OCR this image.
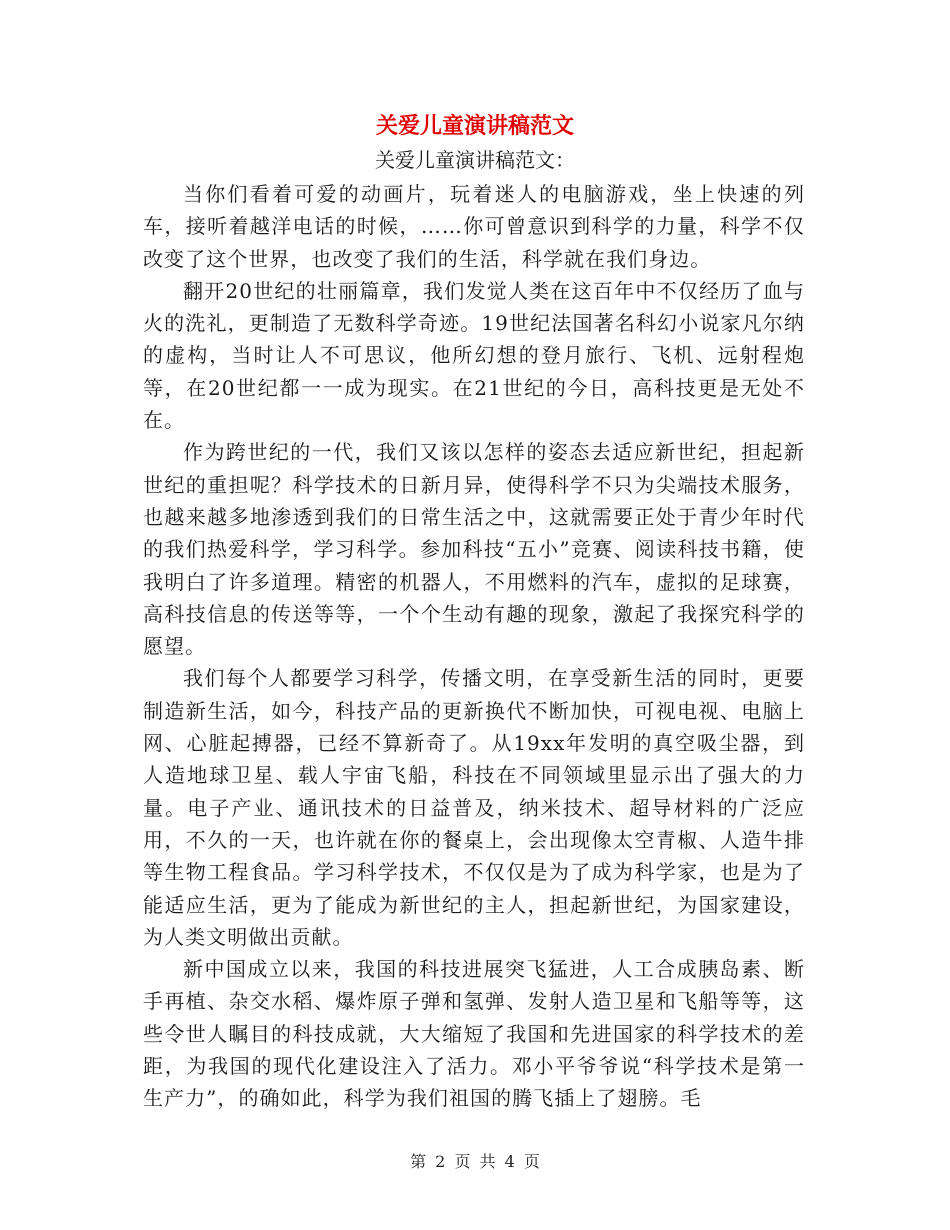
关爱儿童演讲稿范文
关爱儿童演讲稿范文：

当你们看着可爱的动画片，玩着迷人的电脑游戏，坐上快速的列车，接听着越洋电话的时候，……你可曾意识到科学的力量，科学不仅改变了这个世界，也改变了我们的生活，科学就在我们身边。

翻开20世纪的壮丽篇章，我们发觉人类在这百年中不仅经历了血与火的洗礼，更制造了无数科学奇迹。19世纪法国著名科幻小说家凡尔纳的虚构，当时让人不可思议，他所幻想的登月旅行、飞机、远射程炮等，在20世纪都一一成为现实。在21世纪的今日，高科技更是无处不在。

作为跨世纪的一代，我们又该以怎样的姿态去适应新世纪，担起新世纪的重担呢？科学技术的日新月异，使得科学不只为尖端技术服务，也越来越多地渗透到我们的日常生活之中，这就需要正处于青少年时代的我们热爱科学，学习科学。参加科技“五小”竞赛、阅读科技书籍，使我明白了许多道理。精密的机器人，不用燃料的汽车，虚拟的足球赛，高科技信息的传送等等，一个个生动有趣的现象，激起了我探究科学的愿望。

我们每个人都要学习科学，传播文明，在享受新生活的同时，更要制造新生活，如今，科技产品的更新换代不断加快，可视电视、电脑上网、心脏起搏器，已经不算新奇了。从19xx年发明的真空吸尘器，到人造地球卫星、载人宇宙飞船，科技在不同领域里显示出了强大的力量。电子产业、通讯技术的日益普及，纳米技术、超导材料的广泛应用，不久的一天，也许就在你的餐桌上，会出现像太空青椒、人造牛排等生物工程食品。学习科学技术，不仅仅是为了成为科学家，也是为了能适应生活，更为了能成为新世纪的主人，担起新世纪，为国家建设，为人类文明做出贡献。

新中国成立以来，我国的科技进展突飞猛进，人工合成胰岛素、断手再植、杂交水稻、爆炸原子弹和氢弹、发射人造卫星和飞船等等，这些令世人瞩目的科技成就，大大缩短了我国和先进国家的科学技术的差距，为我国的现代化建设注入了活力。邓小平爷爷说“科学技术是第一生产力”，的确如此，科学为我们祖国的腾飞插上了翅膀。毛

第 2 页 共 4 页
